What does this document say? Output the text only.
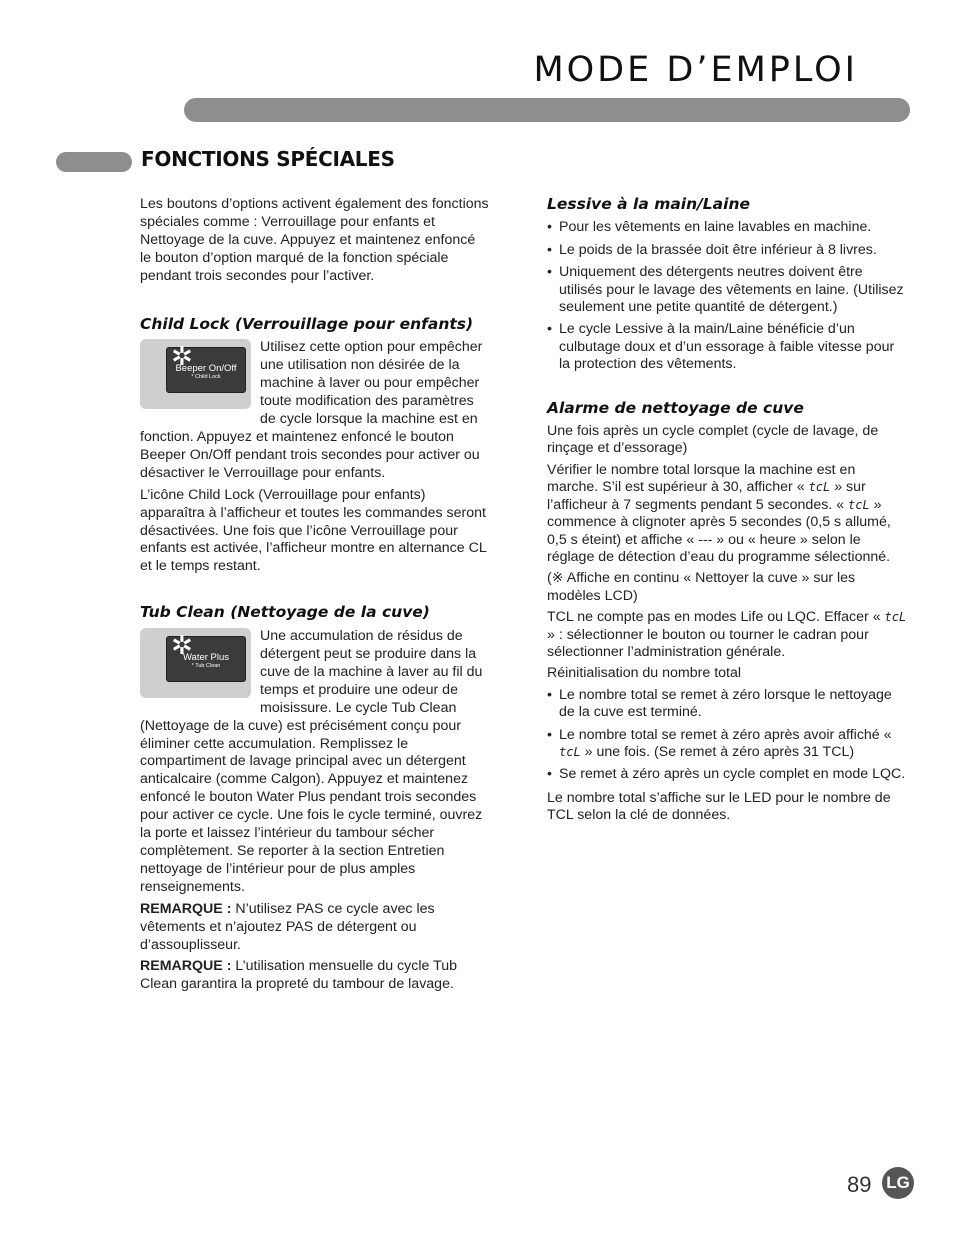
MODE D’EMPLOI
FONCTIONS SPÉCIALES

Les boutons d’options activent également des fonctions spéciales comme : Verrouillage pour enfants et Nettoyage de la cuve. Appuyez et maintenez enfoncé le bouton d’option marqué de la fonction spéciale pendant trois secondes pour l’activer.

Child Lock (Verrouillage pour enfants)
✲
Beeper On/Off
* Child Lock

Utilisez cette option pour empêcher une utilisation non désirée de la machine à laver ou pour empêcher toute modification des paramètres de cycle lorsque la machine est en fonction. Appuyez et maintenez enfoncé le bouton Beeper On/Off pendant trois secondes pour activer ou désactiver le Verrouillage pour enfants.

L’icône Child Lock (Verrouillage pour enfants) apparaîtra à l’afficheur et toutes les commandes seront désactivées. Une fois que l’icône Verrouillage pour enfants est activée, l’afficheur montre en alternance CL et le temps restant.

Tub Clean (Nettoyage de la cuve)
✲
Water Plus
* Tub Clean

Une accumulation de résidus de détergent peut se produire dans la cuve de la machine à laver au fil du temps et produire une odeur de moisissure. Le cycle Tub Clean (Nettoyage de la cuve) est précisément conçu pour éliminer cette accumulation. Remplissez le compartiment de lavage principal avec un détergent anticalcaire (comme Calgon). Appuyez et maintenez enfoncé le bouton Water Plus pendant trois secondes pour activer ce cycle. Une fois le cycle terminé, ouvrez la porte et laissez l’intérieur du tambour sécher complètement. Se reporter à la section Entretien nettoyage de l’intérieur pour de plus amples renseignements.

REMARQUE : N’utilisez PAS ce cycle avec les vêtements et n’ajoutez PAS de détergent ou d’assouplisseur.

REMARQUE : L’utilisation mensuelle du cycle Tub Clean garantira la propreté du tambour de lavage.

Lessive à la main/Laine
• Pour les vêtements en laine lavables en machine.
• Le poids de la brassée doit être inférieur à 8 livres.
• Uniquement des détergents neutres doivent être utilisés pour le lavage des vêtements en laine. (Utilisez seulement une petite quantité de détergent.)
• Le cycle Lessive à la main/Laine bénéficie d’un culbutage doux et d’un essorage à faible vitesse pour la protection des vêtements.
Alarme de nettoyage de cuve

Une fois après un cycle complet (cycle de lavage, de rinçage et d’essorage)

Vérifier le nombre total lorsque la machine est en marche. S’il est supérieur à 30, afficher « tcL » sur l’afficheur à 7 segments pendant 5 secondes. « tcL » commence à clignoter après 5 secondes (0,5 s allumé, 0,5 s éteint) et affiche « --- » ou « heure » selon le réglage de détection d’eau du programme sélectionné.

(※ Affiche en continu « Nettoyer la cuve » sur les modèles LCD)

TCL ne compte pas en modes Life ou LQC. Effacer « tcL » : sélectionner le bouton ou tourner le cadran pour sélectionner l’administration générale.

Réinitialisation du nombre total

• Le nombre total se remet à zéro lorsque le nettoyage de la cuve est terminé.
• Le nombre total se remet à zéro après avoir affiché « tcL » une fois. (Se remet à zéro après 31 TCL)
• Se remet à zéro après un cycle complet en mode LQC.

Le nombre total s’affiche sur le LED pour le nombre de TCL selon la clé de données.

89 LG
